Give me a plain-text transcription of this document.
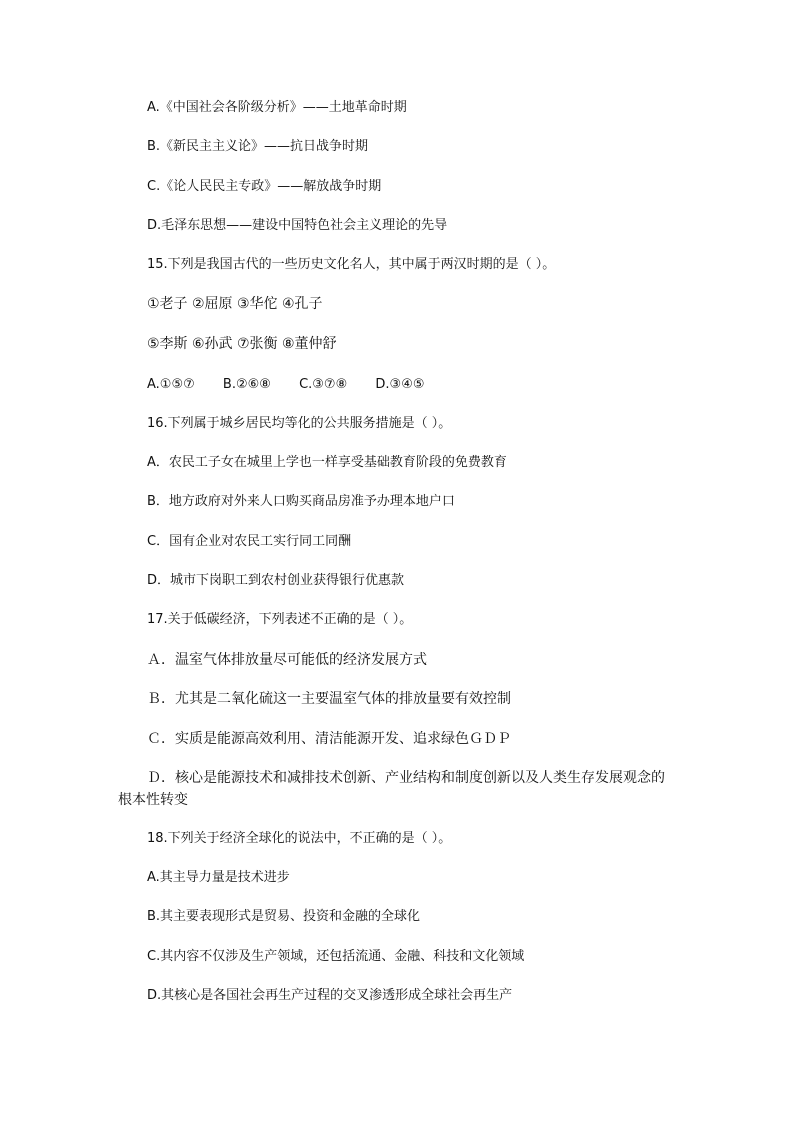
A.《中国社会各阶级分析》——土地革命时期
B.《新民主主义论》——抗日战争时期
C.《论人民民主专政》——解放战争时期
D.毛泽东思想——建设中国特色社会主义理论的先导
15.下列是我国古代的一些历史文化名人，其中属于两汉时期的是（ ）。
①老子 ②屈原 ③华佗 ④孔子
⑤李斯 ⑥孙武 ⑦张衡 ⑧董仲舒
A.①⑤⑦ B.②⑥⑧ C.③⑦⑧ D.③④⑤
16.下列属于城乡居民均等化的公共服务措施是（ ）。
A．农民工子女在城里上学也一样享受基础教育阶段的免费教育
B．地方政府对外来人口购买商品房准予办理本地户口
C．国有企业对农民工实行同工同酬
D．城市下岗职工到农村创业获得银行优惠款
17.关于低碳经济，下列表述不正确的是（ ）。
Ａ．温室气体排放量尽可能低的经济发展方式
Ｂ．尤其是二氧化硫这一主要温室气体的排放量要有效控制
Ｃ．实质是能源高效利用、清洁能源开发、追求绿色ＧＤＰ
Ｄ．核心是能源技术和减排技术创新、产业结构和制度创新以及人类生存发展观念的根本性转变
18.下列关于经济全球化的说法中，不正确的是（ ）。
A.其主导力量是技术进步
B.其主要表现形式是贸易、投资和金融的全球化
C.其内容不仅涉及生产领域，还包括流通、金融、科技和文化领域
D.其核心是各国社会再生产过程的交叉渗透形成全球社会再生产
